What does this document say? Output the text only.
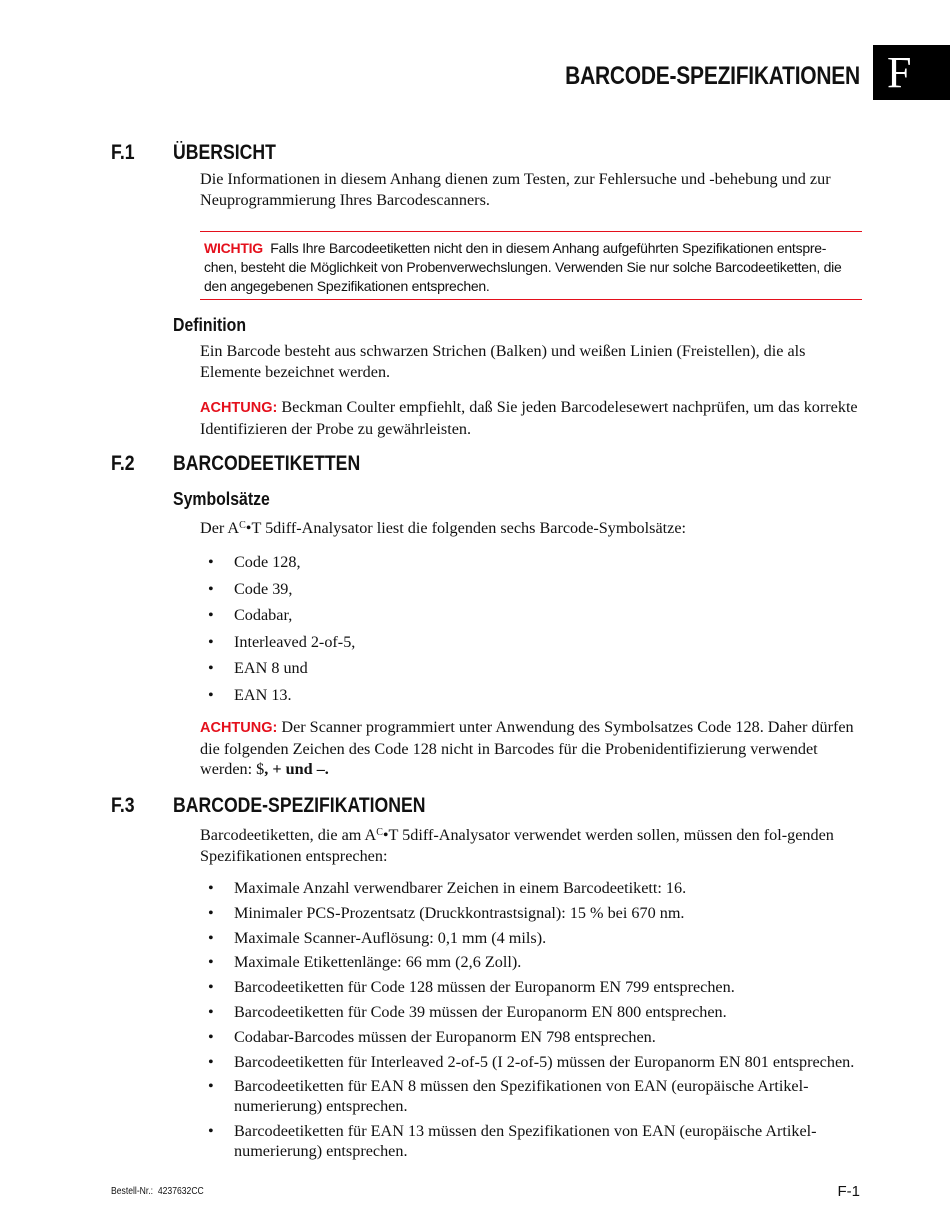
BARCODE-SPEZIFIKATIONEN F
F.1 ÜBERSICHT

Die Informationen in diesem Anhang dienen zum Testen, zur Fehlersuche und -behebung und zur Neuprogrammierung Ihres Barcodescanners.

WICHTIG Falls Ihre Barcodeetiketten nicht den in diesem Anhang aufgeführten Spezifikationen entspre-chen, besteht die Möglichkeit von Probenverwechslungen. Verwenden Sie nur solche Barcodeetiketten, die den angegebenen Spezifikationen entsprechen.

Definition

Ein Barcode besteht aus schwarzen Strichen (Balken) und weißen Linien (Freistellen), die als Elemente bezeichnet werden.

ACHTUNG: Beckman Coulter empfiehlt, daß Sie jeden Barcodelesewert nachprüfen, um das korrekte Identifizieren der Probe zu gewährleisten.

F.2 BARCODEETIKETTEN
Symbolsätze

Der $A^C•T$ 5diff-Analysator liest die folgenden sechs Barcode-Symbolsätze:

• Code 128,
• Code 39,
• Codabar,
• Interleaved 2-of-5,
• EAN 8 und
• EAN 13.

ACHTUNG: Der Scanner programmiert unter Anwendung des Symbolsatzes Code 128. Daher dürfen die folgenden Zeichen des Code 128 nicht in Barcodes für die Probenidentifizierung verwendet werden: $, + und –.

F.3 BARCODE-SPEZIFIKATIONEN

Barcodeetiketten, die am $A^C•T$ 5diff-Analysator verwendet werden sollen, müssen den fol-genden Spezifikationen entsprechen:

• Maximale Anzahl verwendbarer Zeichen in einem Barcodeetikett: 16.
• Minimaler PCS-Prozentsatz (Druckkontrastsignal): 15 % bei 670 nm.
• Maximale Scanner-Auflösung: 0,1 mm (4 mils).
• Maximale Etikettenlänge: 66 mm (2,6 Zoll).
• Barcodeetiketten für Code 128 müssen der Europanorm EN 799 entsprechen.
• Barcodeetiketten für Code 39 müssen der Europanorm EN 800 entsprechen.
• Codabar-Barcodes müssen der Europanorm EN 798 entsprechen.
• Barcodeetiketten für Interleaved 2-of-5 (I 2-of-5) müssen der Europanorm EN 801 entsprechen.
• Barcodeetiketten für EAN 8 müssen den Spezifikationen von EAN (europäische Artikel-numerierung) entsprechen.
• Barcodeetiketten für EAN 13 müssen den Spezifikationen von EAN (europäische Artikel-numerierung) entsprechen.
Bestell-Nr.: 4237632CC	F-1
